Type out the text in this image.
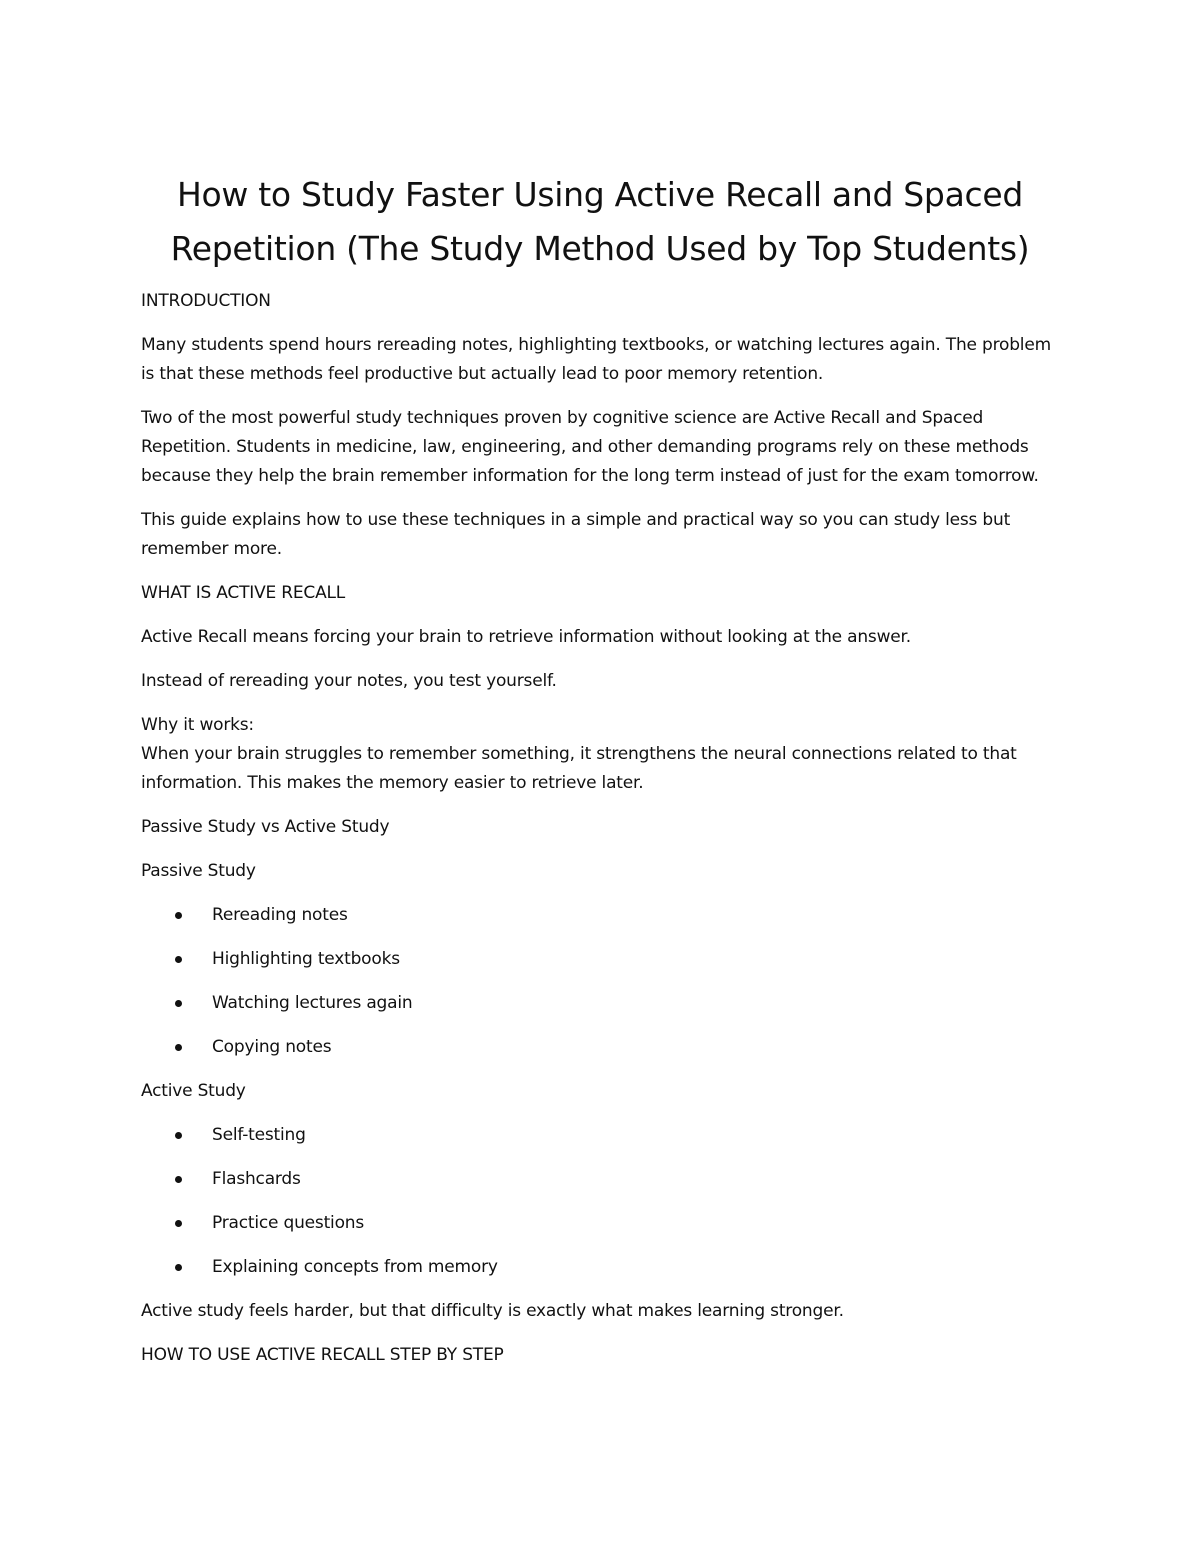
How to Study Faster Using Active Recall and Spaced Repetition (The Study Method Used by Top Students)

INTRODUCTION

Many students spend hours rereading notes, highlighting textbooks, or watching lectures again. The problem is that these methods feel productive but actually lead to poor memory retention.

Two of the most powerful study techniques proven by cognitive science are Active Recall and Spaced Repetition. Students in medicine, law, engineering, and other demanding programs rely on these methods because they help the brain remember information for the long term instead of just for the exam tomorrow.

This guide explains how to use these techniques in a simple and practical way so you can study less but remember more.

WHAT IS ACTIVE RECALL

Active Recall means forcing your brain to retrieve information without looking at the answer.

Instead of rereading your notes, you test yourself.

Why it works:

When your brain struggles to remember something, it strengthens the neural connections related to that information. This makes the memory easier to retrieve later.

Passive Study vs Active Study

Passive Study

Rereading notes
Highlighting textbooks
Watching lectures again
Copying notes

Active Study

Self-testing
Flashcards
Practice questions
Explaining concepts from memory

Active study feels harder, but that difficulty is exactly what makes learning stronger.

HOW TO USE ACTIVE RECALL STEP BY STEP
